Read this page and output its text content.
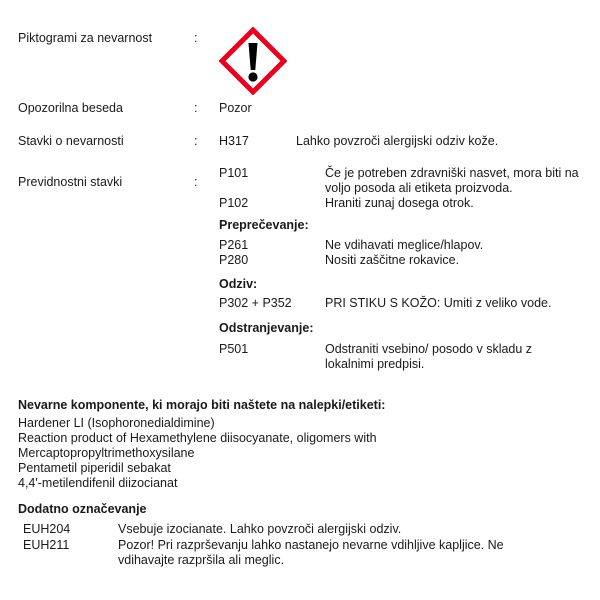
Piktogrami za nevarnost	:
Opozorilna beseda	: Pozor
Stavki o nevarnosti	: H317	Lahko povzroči alergijski odziv kože.
Previdnostni stavki	:
P101	Če je potreben zdravniški nasvet, mora biti na voljo posoda ali etiketa proizvoda.
P102	Hraniti zunaj dosega otrok.
Preprečevanje:
P261	Ne vdihavati meglice/hlapov.
P280	Nositi zaščitne rokavice.
Odziv:
P302 + P352	PRI STIKU S KOŽO: Umiti z veliko vode.
Odstranjevanje:
P501	Odstraniti vsebino/ posodo v skladu z lokalnimi predpisi.
Nevarne komponente, ki morajo biti naštete na nalepki/etiketi:
Hardener LI (Isophoronedialdimine)
Reaction product of Hexamethylene diisocyanate, oligomers with Mercaptopropyltrimethoxysilane
Pentametil piperidil sebakat
4,4'-metilendifenil diizocianat
Dodatno označevanje
EUH204	Vsebuje izocianate. Lahko povzroči alergijski odziv.
EUH211	Pozor! Pri razprševanju lahko nastanejo nevarne vdihljive kapljice. Ne vdihavajte razpršila ali meglic.
